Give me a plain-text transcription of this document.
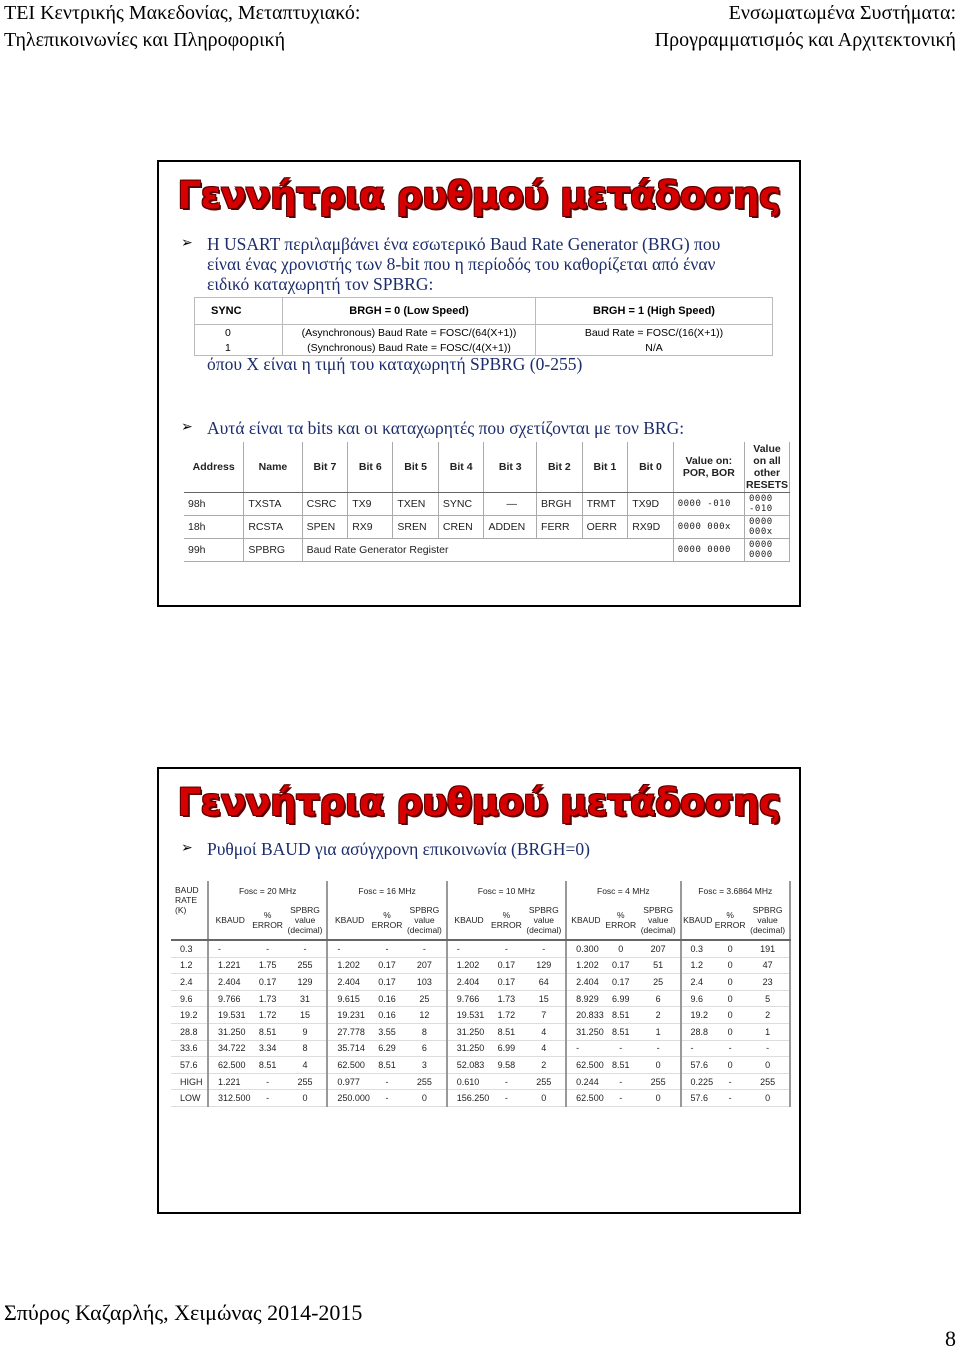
ΤΕΙ Κεντρικής Μακεδονίας, Μεταπτυχιακό:
Τηλεπικοινωνίες και Πληροφορική
Ενσωματωμένα Συστήματα:
Προγραμματισμός και Αρχιτεκτονική
Γεννήτρια ρυθμού μετάδοσης
➢ Η USART περιλαμβάνει ένα εσωτερικό Baud Rate Generator (BRG) που
είναι ένας χρονιστής των 8-bit που η περίοδός του καθορίζεται από έναν
ειδικό καταχωρητή τον SPBRG:
SYNC	BRGH = 0 (Low Speed)	BRGH = 1 (High Speed)
0	(Asynchronous) Baud Rate = FOSC/(64(X+1))	Baud Rate = FOSC/(16(X+1))
1	(Synchronous) Baud Rate = FOSC/(4(X+1))	N/A
όπου X είναι η τιμή του καταχωρητή SPBRG (0-255)
➢ Αυτά είναι τα bits και οι καταχωρητές που σχετίζονται με τον BRG:
Address	Name	Bit 7	Bit 6	Bit 5	Bit 4	Bit 3	Bit 2	Bit 1	Bit 0	Value on: POR, BOR	Value on all other RESETS
98h	TXSTA	CSRC	TX9	TXEN	SYNC	—	BRGH	TRMT	TX9D	0000 -010	0000 -010
18h	RCSTA	SPEN	RX9	SREN	CREN	ADDEN	FERR	OERR	RX9D	0000 000x	0000 000x
99h	SPBRG	Baud Rate Generator Register								0000 0000	0000 0000
Γεννήτρια ρυθμού μετάδοσης
➢ Ρυθμοί BAUD για ασύγχρονη επικοινωνία (BRGH=0)
BAUD RATE (K)	Fosc = 20 MHz			Fosc = 16 MHz			Fosc = 10 MHz			Fosc = 4 MHz			Fosc = 3.6864 MHz		
	KBAUD	% ERROR	SPBRG value (decimal)	KBAUD	% ERROR	SPBRG value (decimal)	KBAUD	% ERROR	SPBRG value (decimal)	KBAUD	% ERROR	SPBRG value (decimal)	KBAUD	% ERROR	SPBRG value (decimal)
0.3	-	-	-	-	-	-	-	-	-	0.300	0	207	0.3	0	191
1.2	1.221	1.75	255	1.202	0.17	207	1.202	0.17	129	1.202	0.17	51	1.2	0	47
2.4	2.404	0.17	129	2.404	0.17	103	2.404	0.17	64	2.404	0.17	25	2.4	0	23
9.6	9.766	1.73	31	9.615	0.16	25	9.766	1.73	15	8.929	6.99	6	9.6	0	5
19.2	19.531	1.72	15	19.231	0.16	12	19.531	1.72	7	20.833	8.51	2	19.2	0	2
28.8	31.250	8.51	9	27.778	3.55	8	31.250	8.51	4	31.250	8.51	1	28.8	0	1
33.6	34.722	3.34	8	35.714	6.29	6	31.250	6.99	4	-	-	-	-	-	-
57.6	62.500	8.51	4	62.500	8.51	3	52.083	9.58	2	62.500	8.51	0	57.6	0	0
HIGH	1.221	-	255	0.977	-	255	0.610	-	255	0.244	-	255	0.225	-	255
LOW	312.500	-	0	250.000	-	0	156.250	-	0	62.500	-	0	57.6	-	0
Σπύρος Καζαρλής, Χειμώνας 2014-2015
8
